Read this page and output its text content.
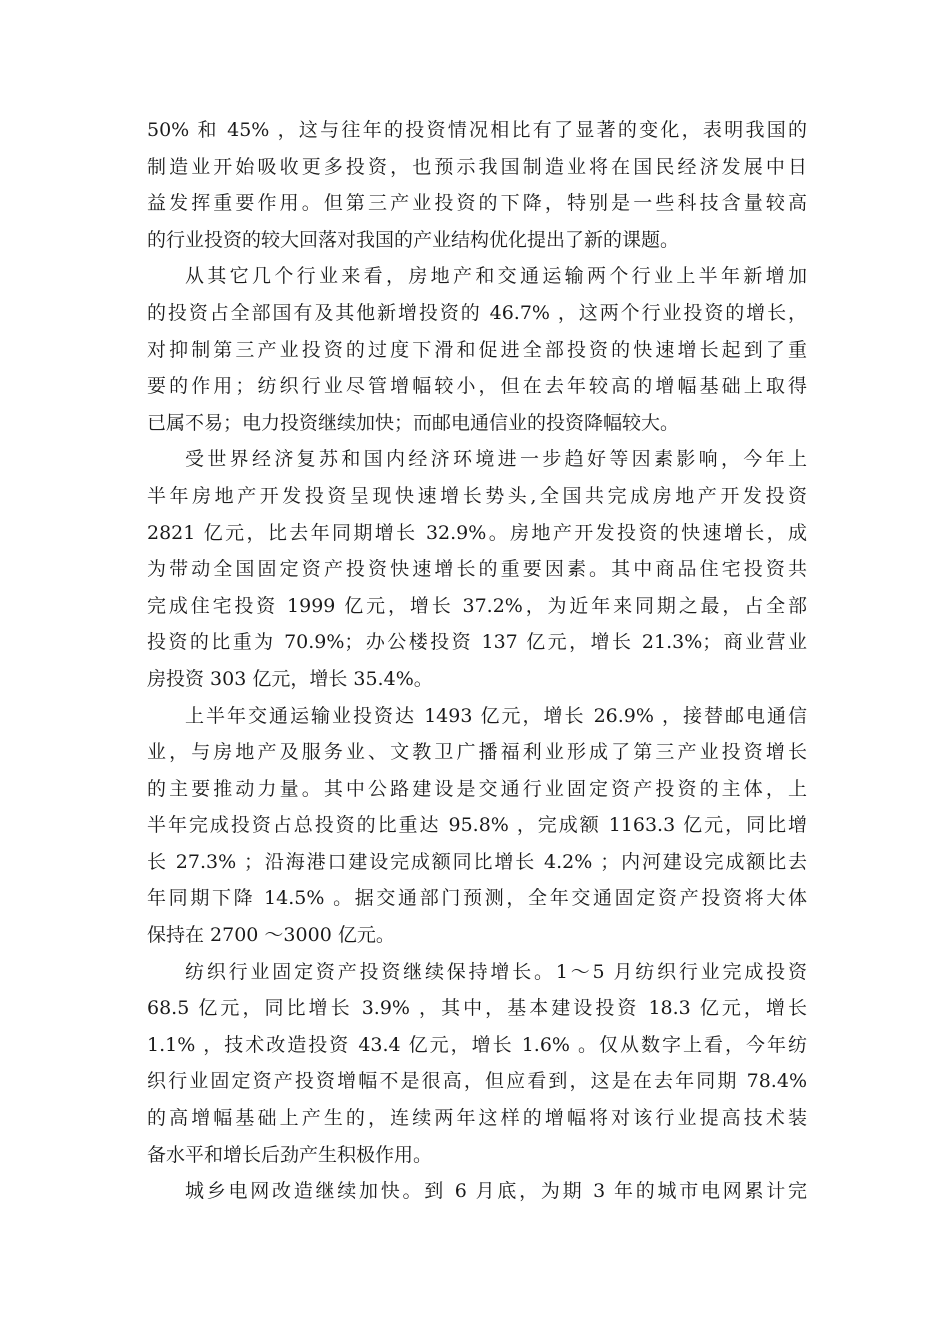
50% 和 45% ，这与往年的投资情况相比有了显著的变化，表明我国的
制造业开始吸收更多投资，也预示我国制造业将在国民经济发展中日
益发挥重要作用。但第三产业投资的下降，特别是一些科技含量较高
的行业投资的较大回落对我国的产业结构优化提出了新的课题。
从其它几个行业来看，房地产和交通运输两个行业上半年新增加
的投资占全部国有及其他新增投资的 46.7% ，这两个行业投资的增长，
对抑制第三产业投资的过度下滑和促进全部投资的快速增长起到了重
要的作用；纺织行业尽管增幅较小，但在去年较高的增幅基础上取得
已属不易；电力投资继续加快；而邮电通信业的投资降幅较大。
受世界经济复苏和国内经济环境进一步趋好等因素影响，今年上
半年房地产开发投资呈现快速增长势头,全国共完成房地产开发投资
2821 亿元，比去年同期增长 32.9%。房地产开发投资的快速增长，成
为带动全国固定资产投资快速增长的重要因素。其中商品住宅投资共
完成住宅投资 1999 亿元，增长 37.2%，为近年来同期之最，占全部
投资的比重为 70.9%；办公楼投资 137 亿元，增长 21.3%；商业营业
房投资 303 亿元，增长 35.4%。
上半年交通运输业投资达 1493 亿元，增长 26.9% ，接替邮电通信
业，与房地产及服务业、文教卫广播福利业形成了第三产业投资增长
的主要推动力量。其中公路建设是交通行业固定资产投资的主体，上
半年完成投资占总投资的比重达 95.8% ，完成额 1163.3 亿元，同比增
长 27.3% ；沿海港口建设完成额同比增长 4.2% ；内河建设完成额比去
年同期下降 14.5% 。据交通部门预测，全年交通固定资产投资将大体
保持在 2700 ～3000 亿元。
纺织行业固定资产投资继续保持增长。1～5 月纺织行业完成投资
68.5 亿元，同比增长 3.9% ，其中，基本建设投资 18.3 亿元，增长
1.1% ，技术改造投资 43.4 亿元，增长 1.6% 。仅从数字上看，今年纺
织行业固定资产投资增幅不是很高，但应看到，这是在去年同期 78.4%
的高增幅基础上产生的，连续两年这样的增幅将对该行业提高技术装
备水平和增长后劲产生积极作用。
城乡电网改造继续加快。到 6 月底，为期 3 年的城市电网累计完
